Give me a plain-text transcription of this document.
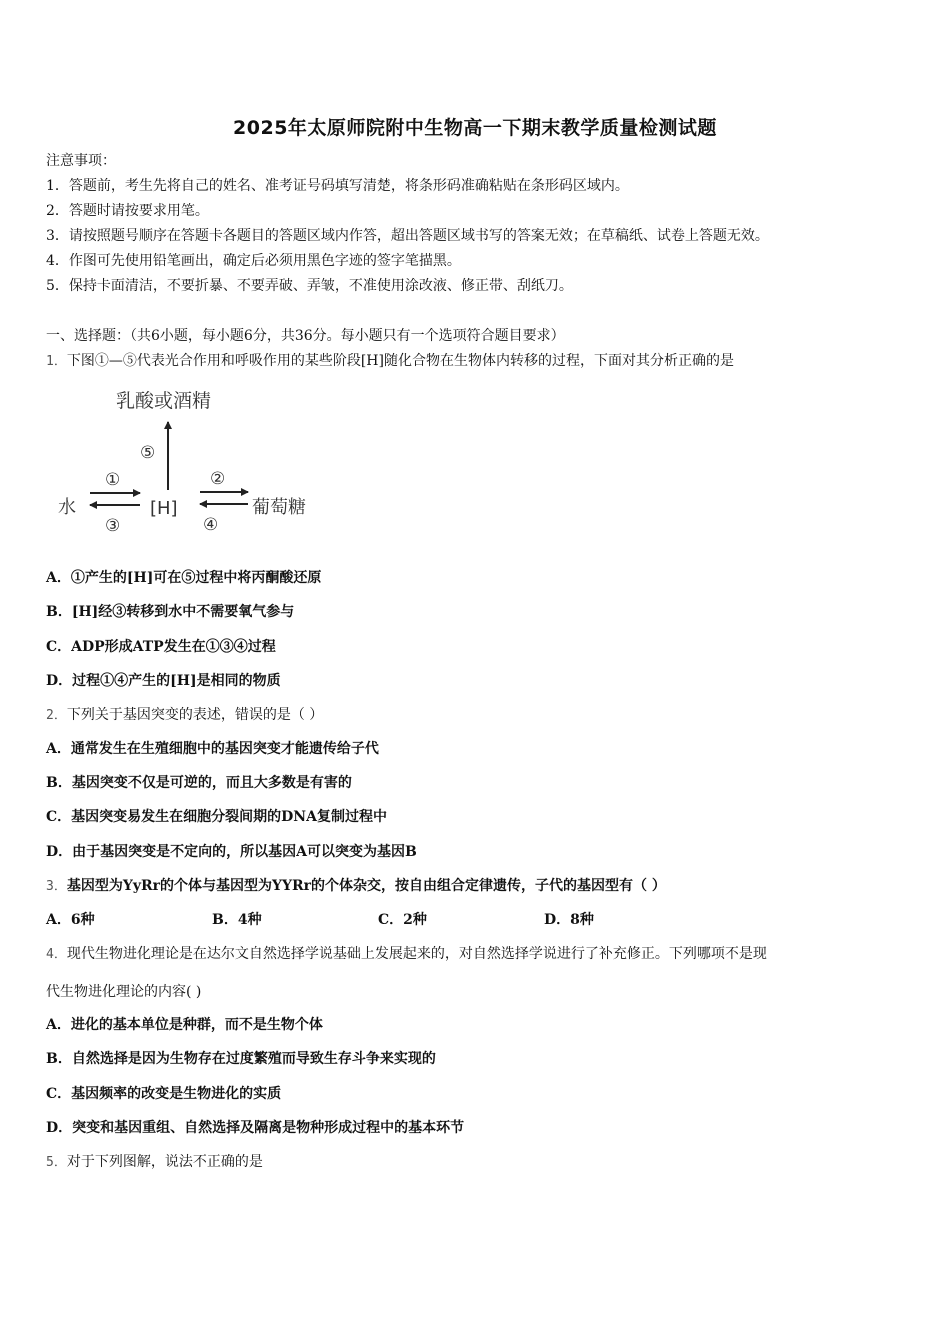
2025年太原师院附中生物高一下期末教学质量检测试题
注意事项：
1．答题前，考生先将自己的姓名、准考证号码填写清楚，将条形码准确粘贴在条形码区域内。
2．答题时请按要求用笔。
3．请按照题号顺序在答题卡各题目的答题区域内作答，超出答题区域书写的答案无效；在草稿纸、试卷上答题无效。
4．作图可先使用铅笔画出，确定后必须用黑色字迹的签字笔描黑。
5．保持卡面清洁，不要折暴、不要弄破、弄皱，不准使用涂改液、修正带、刮纸刀。
一、选择题：（共6小题，每小题6分，共36分。每小题只有一个选项符合题目要求）
1．下图①—⑤代表光合作用和呼吸作用的某些阶段[H]随化合物在生物体内转移的过程，下面对其分析正确的是
乳酸或酒精
水	[H]	葡萄糖
⑤
①
③
②
④
A．①产生的[H]可在⑤过程中将丙酮酸还原
B．[H]经③转移到水中不需要氧气参与
C．ADP形成ATP发生在①③④过程
D．过程①④产生的[H]是相同的物质
2．下列关于基因突变的表述，错误的是（ ）
A．通常发生在生殖细胞中的基因突变才能遗传给子代
B．基因突变不仅是可逆的，而且大多数是有害的
C．基因突变易发生在细胞分裂间期的DNA复制过程中
D．由于基因突变是不定向的，所以基因A可以突变为基因B
3．基因型为YyRr的个体与基因型为YYRr的个体杂交，按自由组合定律遗传，子代的基因型有（ ）
A．6种	B．4种	C．2种	D．8种
4．现代生物进化理论是在达尔文自然选择学说基础上发展起来的，对自然选择学说进行了补充修正。下列哪项不是现
代生物进化理论的内容( )
A．进化的基本单位是种群，而不是生物个体
B．自然选择是因为生物存在过度繁殖而导致生存斗争来实现的
C．基因频率的改变是生物进化的实质
D．突变和基因重组、自然选择及隔离是物种形成过程中的基本环节
5．对于下列图解，说法不正确的是
